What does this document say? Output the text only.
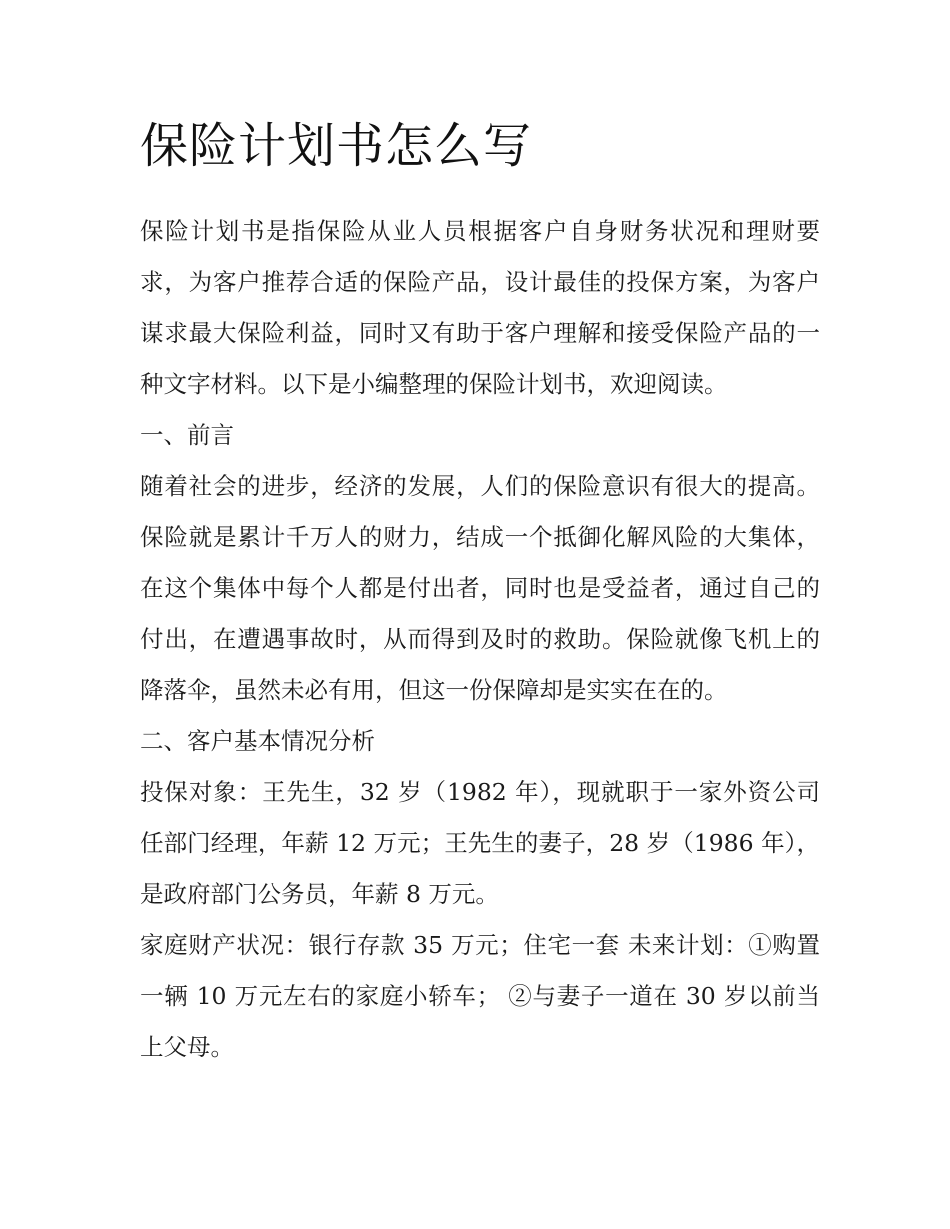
保险计划书怎么写

保险计划书是指保险从业人员根据客户自身财务状况和理财要求，为客户推荐合适的保险产品，设计最佳的投保方案，为客户谋求最大保险利益，同时又有助于客户理解和接受保险产品的一种文字材料。以下是小编整理的保险计划书，欢迎阅读。

一、前言

随着社会的进步，经济的发展，人们的保险意识有很大的提高。保险就是累计千万人的财力，结成一个抵御化解风险的大集体，在这个集体中每个人都是付出者，同时也是受益者，通过自己的付出，在遭遇事故时，从而得到及时的救助。保险就像飞机上的降落伞，虽然未必有用，但这一份保障却是实实在在的。

二、客户基本情况分析

投保对象：王先生，32 岁（1982 年），现就职于一家外资公司任部门经理，年薪 12 万元；王先生的妻子，28 岁（1986 年），是政府部门公务员，年薪 8 万元。

家庭财产状况：银行存款 35 万元；住宅一套 未来计划：①购置一辆 10 万元左右的家庭小轿车； ②与妻子一道在 30 岁以前当上父母。
